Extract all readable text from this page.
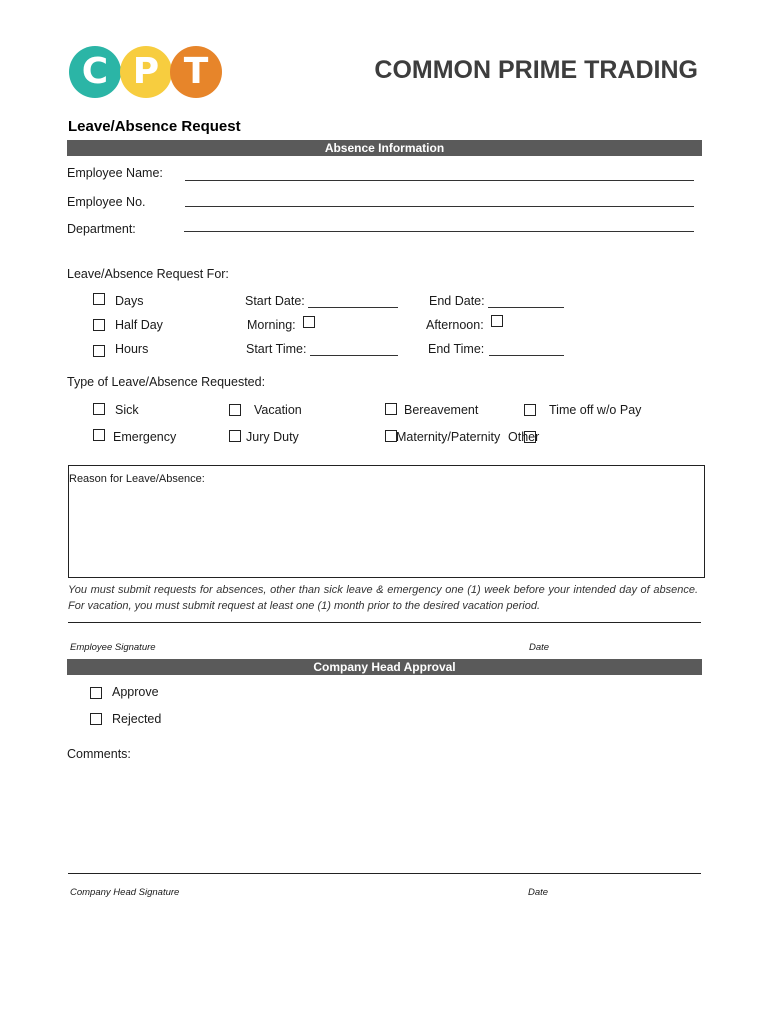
C P T	COMMON PRIME TRADING
Leave/Absence Request
Absence Information
Employee Name:
Employee No.
Department:
Leave/Absence Request For:
Days	Start Date:	End Date:
Half Day	Morning:	Afternoon:
Hours	Start Time:	End Time:
Type of Leave/Absence Requested:
Sick	Vacation	Bereavement	Time off w/o Pay
Emergency	Jury Duty	Maternity/Paternity Other
Reason for Leave/Absence:
You must submit requests for absences, other than sick leave & emergency one (1) week before your intended day of absence. For vacation, you must submit request at least one (1) month prior to the desired vacation period.
Employee Signature	Date
Company Head Approval
Approve
Rejected
Comments:
Company Head Signature	Date
